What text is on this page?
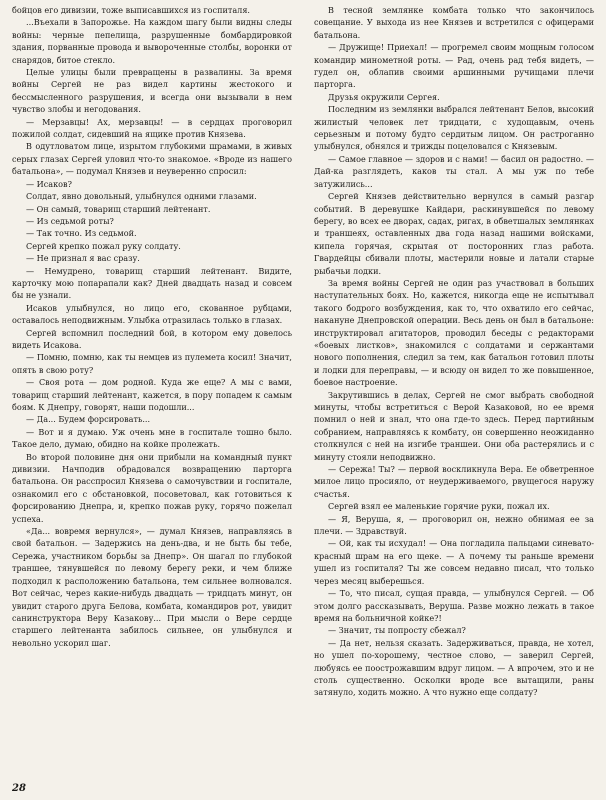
бойцов его дивизии, тоже выписавшихся из госпиталя.

...Въехали в Запорожье. На каждом шагу были видны следы войны: черные пепелища, разрушенные бомбардировкой здания, порванные провода и вывороченные столбы, воронки от снарядов, битое стекло.

Целые улицы были превращены в развалины. За время войны Сергей не раз видел картины жестокого и бессмысленного разрушения, и всегда они вызывали в нем чувство злобы и негодования.

— Мерзавцы! Ах, мерзавцы! — в сердцах проговорил пожилой солдат, сидевший на ящике против Князева.

В одутловатом лице, изрытом глубокими шрамами, в живых серых глазах Сергей уловил что-то знакомое. «Вроде из нашего батальона», — подумал Князев и неуверенно спросил:

— Исаков?

Солдат, явно довольный, улыбнулся одними глазами.

— Он самый, товарищ старший лейтенант.

— Из седьмой роты?

— Так точно. Из седьмой.

Сергей крепко пожал руку солдату.

— Не признал я вас сразу.

— Немудрено, товарищ старший лейтенант. Видите, карточку мою попарапали как? Дней двадцать назад и совсем бы не узнали.

Исаков улыбнулся, но лицо его, скованное рубцами, оставалось неподвижным. Улыбка отразилась только в глазах.

Сергей вспомнил последний бой, в котором ему довелось видеть Исакова.

— Помню, помню, как ты немцев из пулемета косил! Значит, опять в свою роту?

— Своя рота — дом родной. Куда же еще? А мы с вами, товарищ старший лейтенант, кажется, в пору попадем к самым боям. К Днепру, говорят, наши подошли...

— Да... Будем форсировать...

— Вот и я думаю. Уж очень мне в госпитале тошно было. Такое дело, думаю, обидно на койке пролежать.

Во второй половине дня они прибыли на командный пункт дивизии. Начподив обрадовался возвращению парторга батальона. Он расспросил Князева о самочувствии и госпитале, ознакомил его с обстановкой, посоветовал, как готовиться к форсированию Днепра, и, крепко пожав руку, горячо пожелал успеха.

«Да... вовремя вернулся», — думал Князев, направляясь в свой батальон. — Задержись на день-два, и не быть бы тебе, Сережа, участником борьбы за Днепр». Он шагал по глубокой траншее, тянувшейся по левому берегу реки, и чем ближе подходил к расположению батальона, тем сильнее волновался. Вот сейчас, через какие-нибудь двадцать — тридцать минут, он увидит старого друга Белова, комбата, командиров рот, увидит санинструктора Веру Казакову... При мысли о Вере сердце старшего лейтенанта забилось сильнее, он улыбнулся и невольно ускорил шаг.

В тесной землянке комбата только что закончилось совещание. У выхода из нее Князев и встретился с офицерами батальона.

— Дружище! Приехал! — прогремел своим мощным голосом командир минометной роты. — Рад, очень рад тебя видеть, — гудел он, облапив своими аршинными ручищами плечи парторга.

Друзья окружили Сергея.

Последним из землянки выбрался лейтенант Белов, высокий жилистый человек лет тридцати, с худощавым, очень серьезным и потому будто сердитым лицом. Он растроганно улыбнулся, обнялся и трижды поцеловался с Князевым.

— Самое главное — здоров и с нами! — басил он радостно. — Дай-ка разглядеть, каков ты стал. А мы уж по тебе затужились...

Сергей Князев действительно вернулся в самый разгар событий. В деревушке Кайдари, раскинувшейся по левому берегу, во всех ее дворах, садах, ригах, в обветшалых землянках и траншеях, оставленных два года назад нашими войсками, кипела горячая, скрытая от посторонних глаз работа. Гвардейцы сбивали плоты, мастерили новые и латали старые рыбачьи лодки.

За время войны Сергей не один раз участвовал в больших наступательных боях. Но, кажется, никогда еще не испытывал такого бодрого возбуждения, как то, что охватило его сейчас, накануне Днепровской операции. Весь день он был в батальоне: инструктировал агитаторов, проводил беседы с редакторами «боевых листков», знакомился с солдатами и сержантами нового пополнения, следил за тем, как батальон готовил плоты и лодки для переправы, — и всюду он видел то же повышенное, боевое настроение.

Закрутившись в делах, Сергей не смог выбрать свободной минуты, чтобы встретиться с Верой Казаковой, но ее время помнил о ней и знал, что она где-то здесь. Перед партийным собранием, направляясь к комбату, он совершенно неожиданно столкнулся с ней на изгибе траншеи. Они оба растерялись и с минуту стояли неподвижно.

— Сережа! Ты? — первой воскликнула Вера. Ее обветренное милое лицо просияло, от неудерживаемого, рвущегося наружу счастья.

Сергей взял ее маленькие горячие руки, пожал их.

— Я, Веруша, я, — проговорил он, нежно обнимая ее за плечи. — Здравствуй.

— Ой, как ты исхудал! — Она погладила пальцами синевато-красный шрам на его щеке. — А почему ты раньше времени ушел из госпиталя? Ты же совсем недавно писал, что только через месяц выберешься.

— То, что писал, сущая правда, — улыбнулся Сергей. — Об этом долго рассказывать, Веруша. Разве можно лежать в такое время на больничной койке?!

— Значит, ты попросту сбежал?

— Да нет, нельзя сказать. Задерживаться, правда, не хотел, но ушел по-хорошему, честное слово, — заверил Сергей, любуясь ее поострожавшим вдруг лицом. — А впрочем, это и не столь существенно. Осколки вроде все вытащили, раны затянуло, ходить можно. А что нужно еще солдату?

28
